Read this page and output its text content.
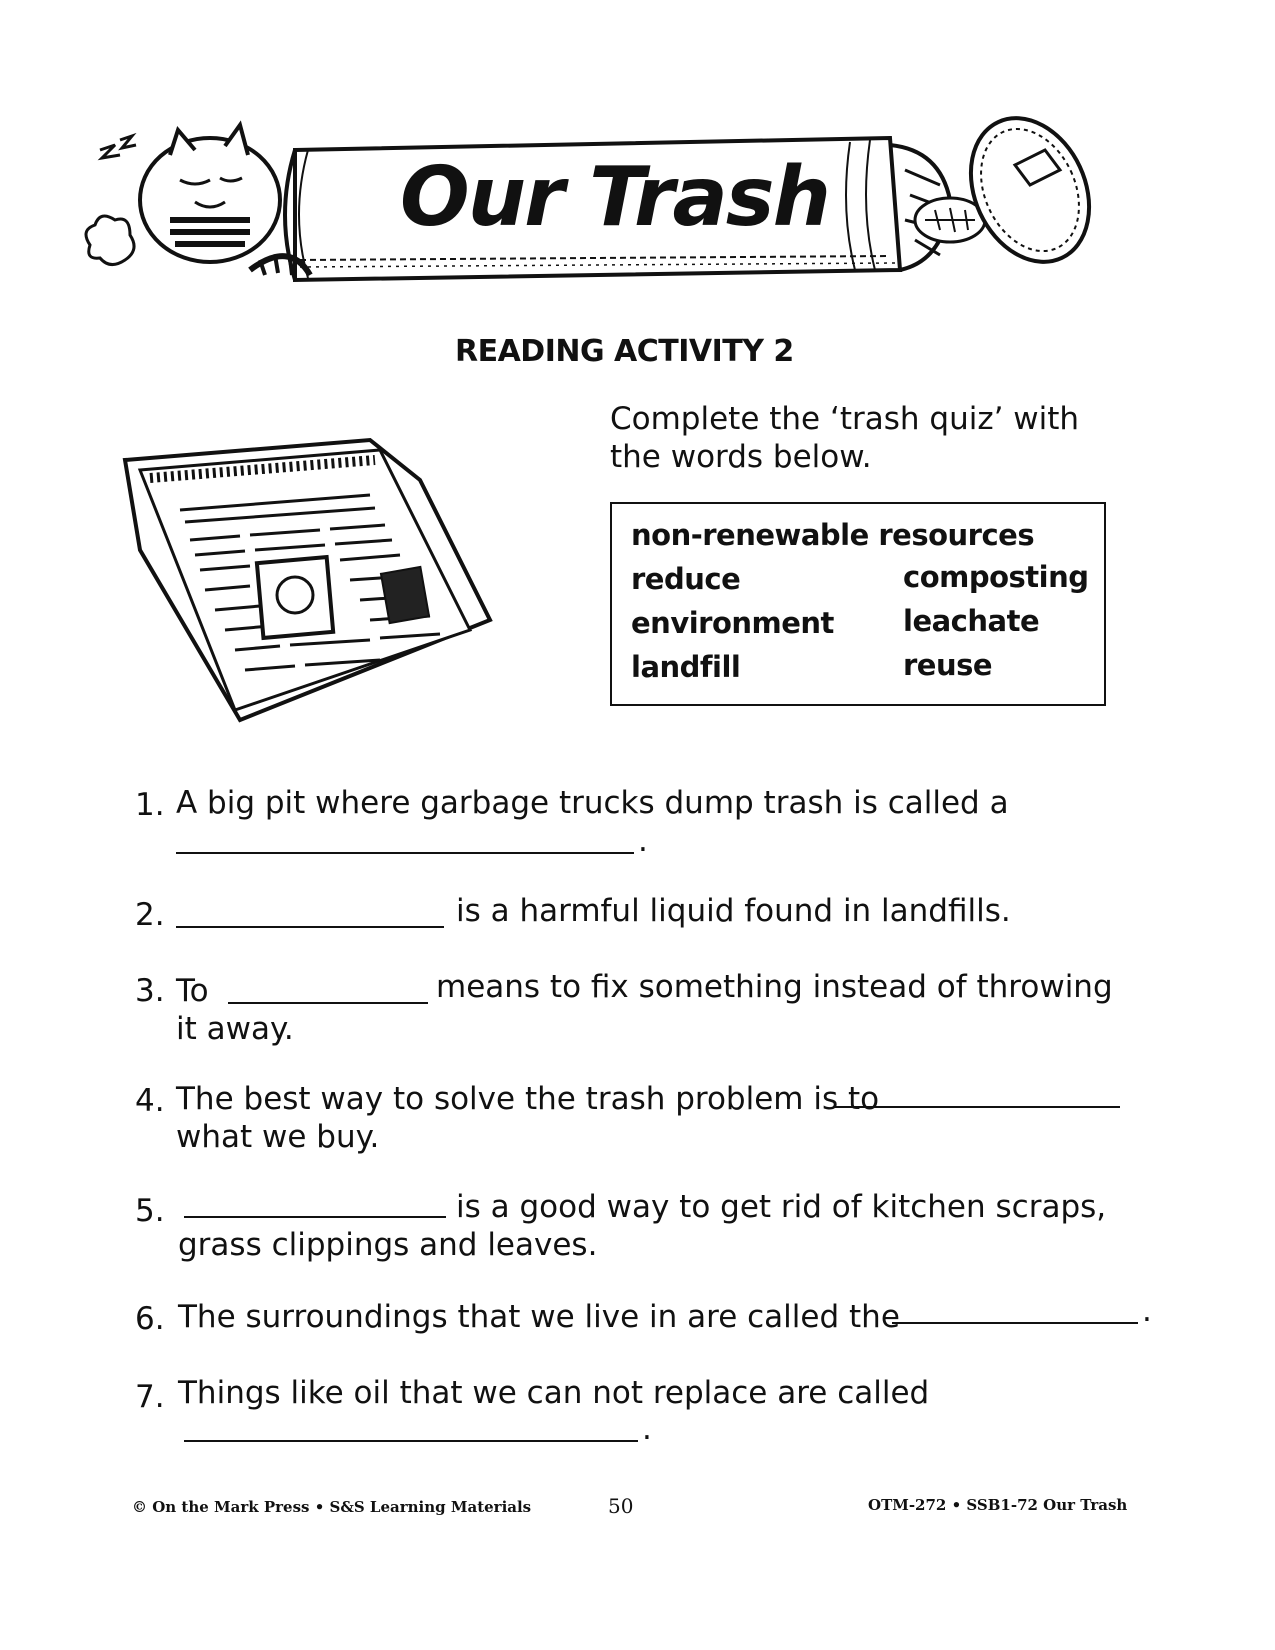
Our Trash
READING ACTIVITY 2
Complete the ‘trash quiz’ with the words below.
non-renewable resources
reduce	composting
environment leachate
landfill	reuse
1. A big pit where garbage trucks dump trash is called a
.
2.	is a harmful liquid found in landfills.
3. To	means to fix something instead of throwing
it away.
4. The best way to solve the trash problem is to
what we buy.
5.	is a good way to get rid of kitchen scraps,
grass clippings and leaves.
6. The surroundings that we live in are called the	.
7. Things like oil that we can not replace are called
.
© On the Mark Press • S&S Learning Materials	50	OTM-272 • SSB1-72 Our Trash
